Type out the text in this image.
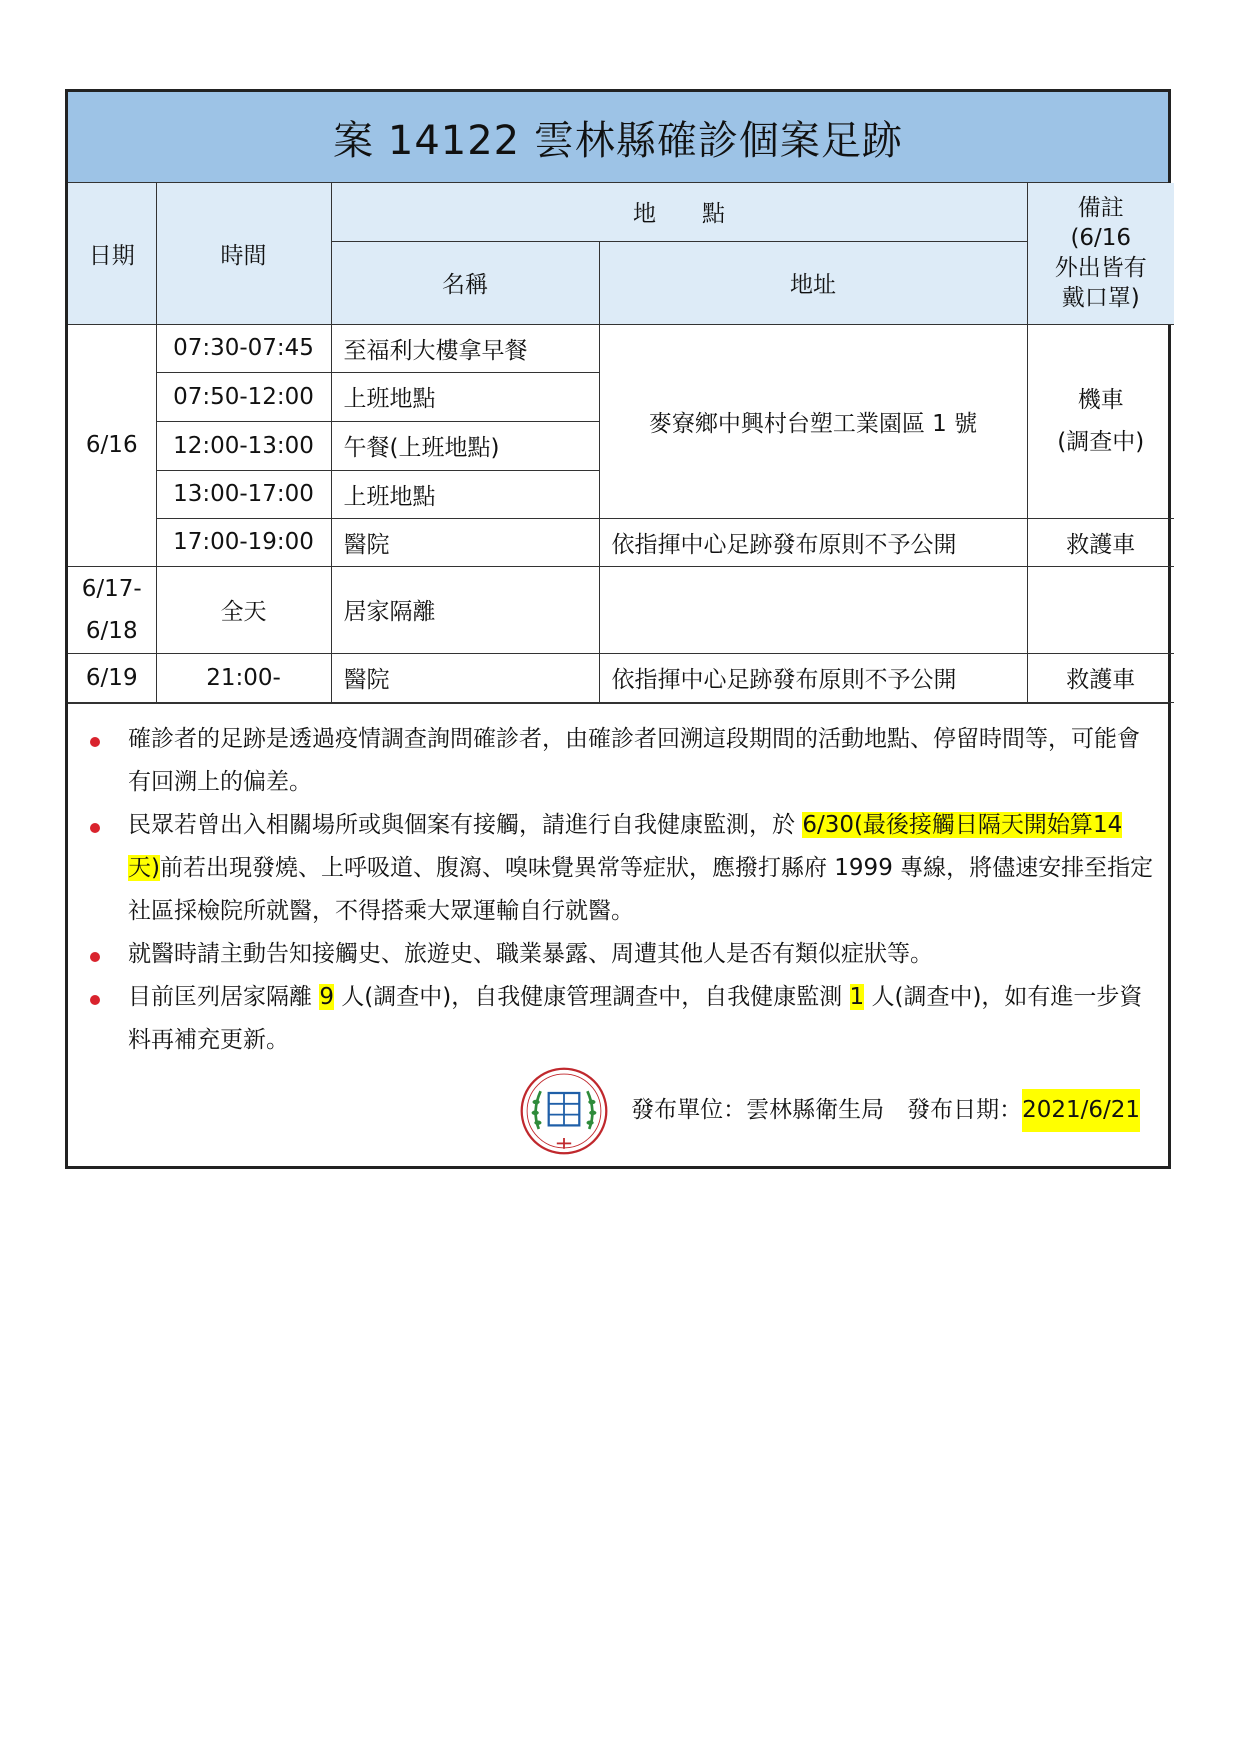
案 14122 雲林縣確診個案足跡
日期	時間	地　　點		備註
(6/16
外出皆有
戴口罩)

		名稱	地址	
6/16	07:30-07:45	至福利大樓拿早餐	麥寮鄉中興村台塑工業園區 1 號	機車
(調查中)

	07:50-12:00	上班地點		
	12:00-13:00	午餐(上班地點)		
	13:00-17:00	上班地點		
	17:00-19:00	醫院	依指揮中心足跡發布原則不予公開	救護車

6/17-
6/18	全天	居家隔離		
6/19	21:00-	醫院	依指揮中心足跡發布原則不予公開	救護車
確診者的足跡是透過疫情調查詢問確診者，由確診者回溯這段期間的活動地點、停留時間等，可能會有回溯上的偏差。
民眾若曾出入相關場所或與個案有接觸，請進行自我健康監測，於 6/30(最後接觸日隔天開始算14 天)前若出現發燒、上呼吸道、腹瀉、嗅味覺異常等症狀，應撥打縣府 1999 專線，將儘速安排至指定社區採檢院所就醫，不得搭乘大眾運輸自行就醫。
就醫時請主動告知接觸史、旅遊史、職業暴露、周遭其他人是否有類似症狀等。
目前匡列居家隔離 9 人(調查中)，自我健康管理調查中，自我健康監測 1 人(調查中)，如有進一步資料再補充更新。
發布單位：雲林縣衛生局　發布日期： 2021/6/21
